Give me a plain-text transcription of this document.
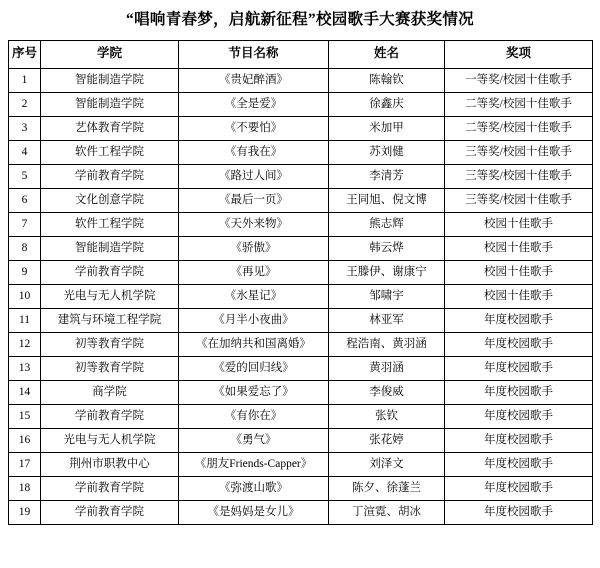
“唱响青春梦，启航新征程”校园歌手大赛获奖情况
序号	学院	节目名称	姓名	奖项
1	智能制造学院	《贵妃醉酒》	陈翰钦	一等奖/校园十佳歌手
2	智能制造学院	《全是爱》	徐鑫庆	二等奖/校园十佳歌手
3	艺体教育学院	《不要怕》	米加甲	二等奖/校园十佳歌手
4	软件工程学院	《有我在》	苏刘健	三等奖/校园十佳歌手
5	学前教育学院	《路过人间》	李清芳	三等奖/校园十佳歌手
6	文化创意学院	《最后一页》	王同旭、倪文博	三等奖/校园十佳歌手
7	软件工程学院	《天外来物》	熊志辉	校园十佳歌手
8	智能制造学院	《骄傲》	韩云烨	校园十佳歌手
9	学前教育学院	《再见》	王滕伊、谢康宁	校园十佳歌手
10	光电与无人机学院	《氷星记》	邹啸宇	校园十佳歌手
11	建筑与环境工程学院	《月半小夜曲》	林亚军	年度校园歌手
12	初等教育学院	《在加纳共和国离婚》	程浩南、黄羽涵	年度校园歌手
13	初等教育学院	《爱的回归线》	黄羽涵	年度校园歌手
14	商学院	《如果爱忘了》	李俊威	年度校园歌手
15	学前教育学院	《有你在》	张钦	年度校园歌手
16	光电与无人机学院	《勇气》	张花婷	年度校园歌手
17	荆州市职教中心	《朋友Friends-Capper》	刘泽文	年度校园歌手
18	学前教育学院	《弥渡山歌》	陈夕、徐蓬兰	年度校园歌手
19	学前教育学院	《是妈妈是女儿》	丁渲霓、胡冰	年度校园歌手
